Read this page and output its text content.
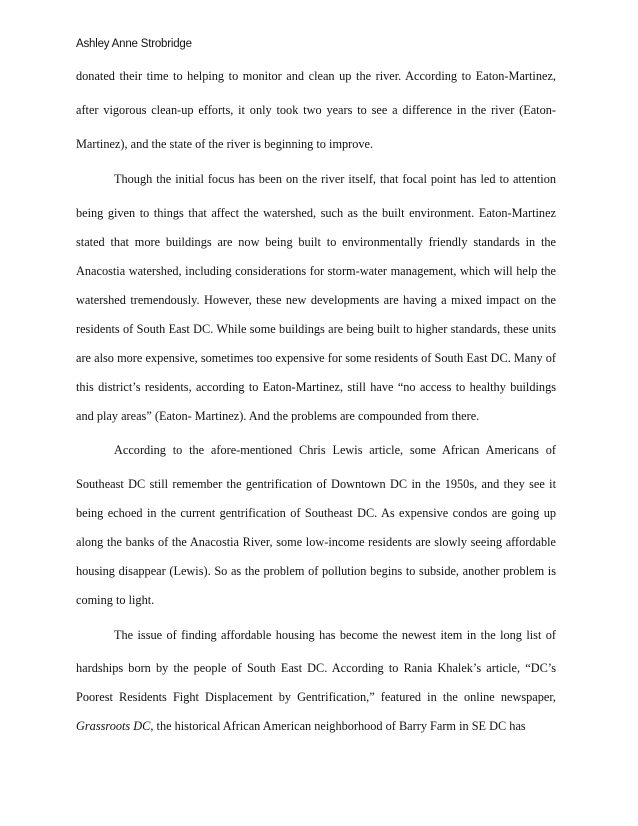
Ashley Anne Strobridge
donated their time to helping to monitor and clean up the river. According to Eaton-Martinez,
after vigorous clean-up efforts, it only took two years to see a difference in the river (Eaton-
Martinez), and the state of the river is beginning to improve.
Though the initial focus has been on the river itself, that focal point has led to attention
being given to things that affect the watershed, such as the built environment. Eaton-Martinez
stated that more buildings are now being built to environmentally friendly standards in the
Anacostia watershed, including considerations for storm-water management, which will help the
watershed tremendously. However, these new developments are having a mixed impact on the
residents of South East DC. While some buildings are being built to higher standards, these units
are also more expensive, sometimes too expensive for some residents of South East DC. Many of
this district’s residents, according to Eaton-Martinez, still have “no access to healthy buildings
and play areas” (Eaton- Martinez). And the problems are compounded from there.
According to the afore-mentioned Chris Lewis article, some African Americans of
Southeast DC still remember the gentrification of Downtown DC in the 1950s, and they see it
being echoed in the current gentrification of Southeast DC. As expensive condos are going up
along the banks of the Anacostia River, some low-income residents are slowly seeing affordable
housing disappear (Lewis). So as the problem of pollution begins to subside, another problem is
coming to light.
The issue of finding affordable housing has become the newest item in the long list of
hardships born by the people of South East DC. According to Rania Khalek’s article, “DC’s
Poorest Residents Fight Displacement by Gentrification,” featured in the online newspaper,
Grassroots DC, the historical African American neighborhood of Barry Farm in SE DC has
